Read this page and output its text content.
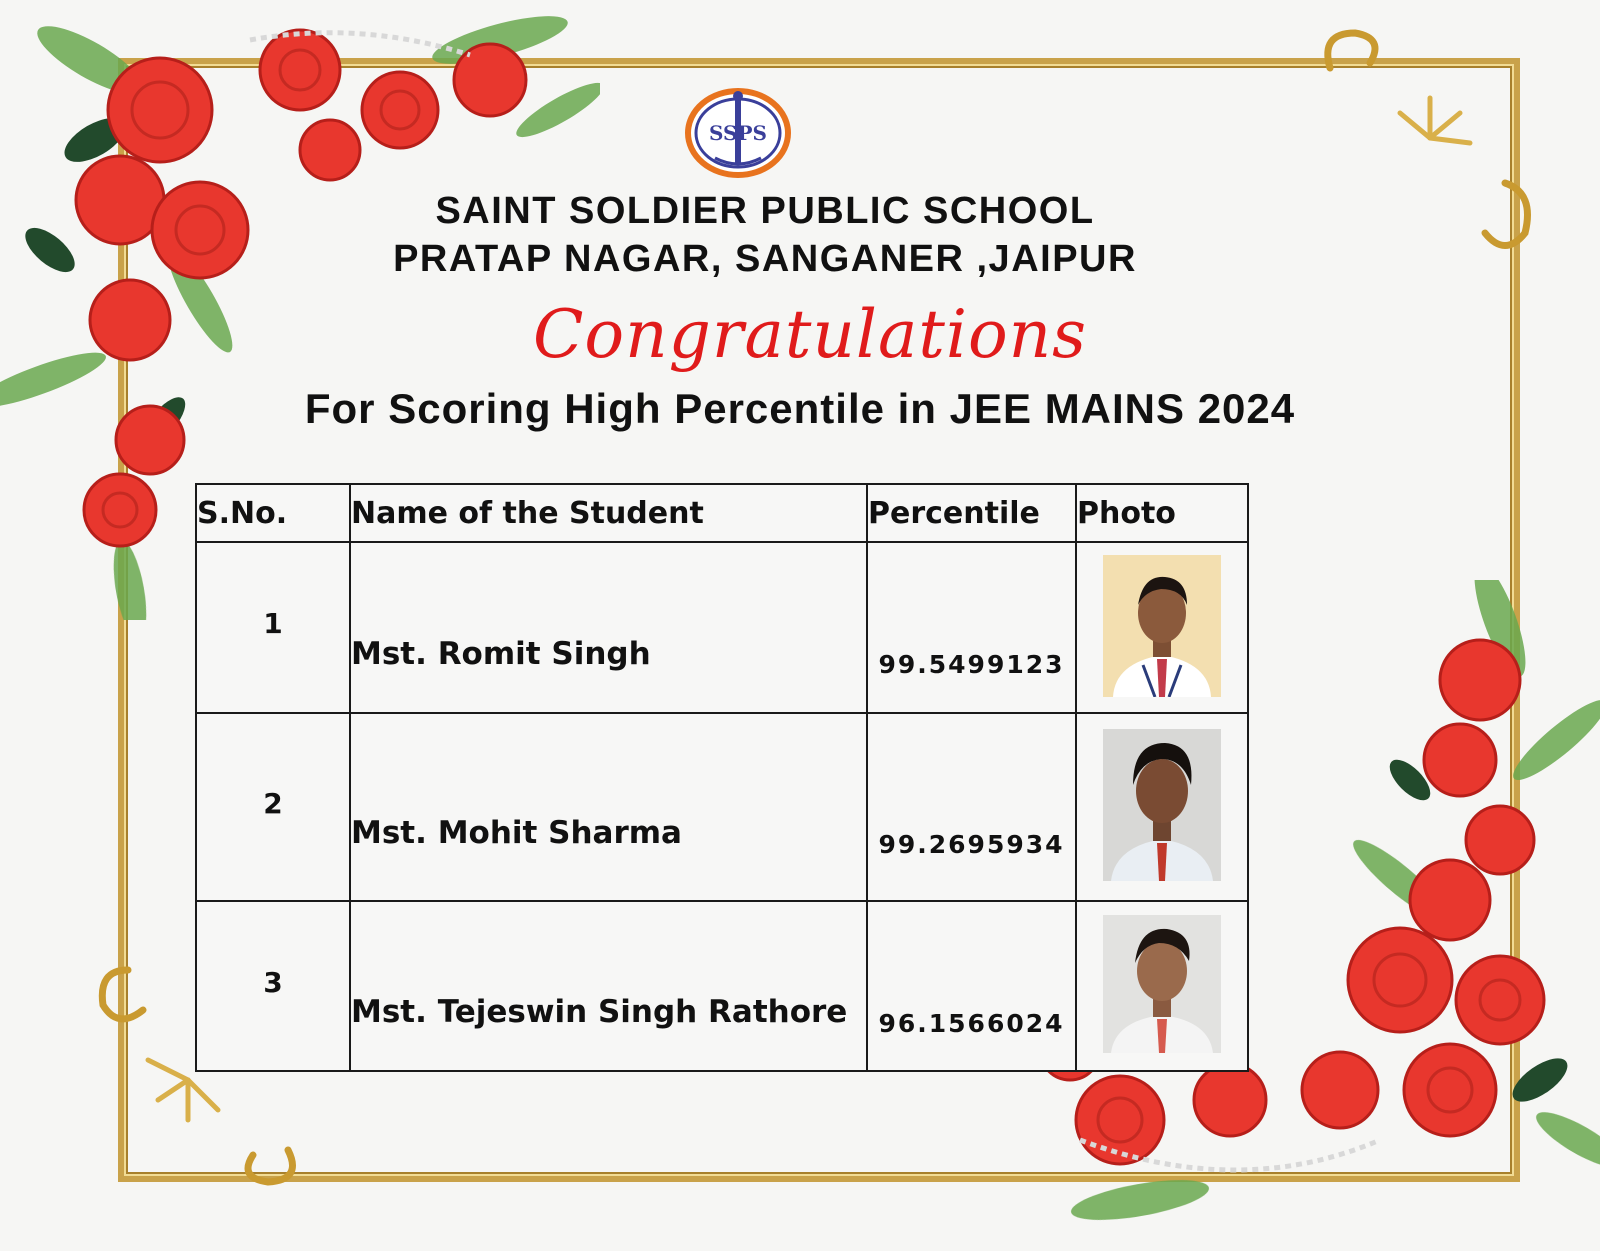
SSPS
SAINT SOLDIER PUBLIC SCHOOL
PRATAP NAGAR, SANGANER ,JAIPUR
Congratulations
For Scoring High Percentile in JEE MAINS 2024
S.No.	Name of the Student	Percentile	Photo

1	Mst. Romit Singh	99.5499123

2	Mst. Mohit Sharma	99.2695934

3	Mst. Tejeswin Singh Rathore	96.1566024
